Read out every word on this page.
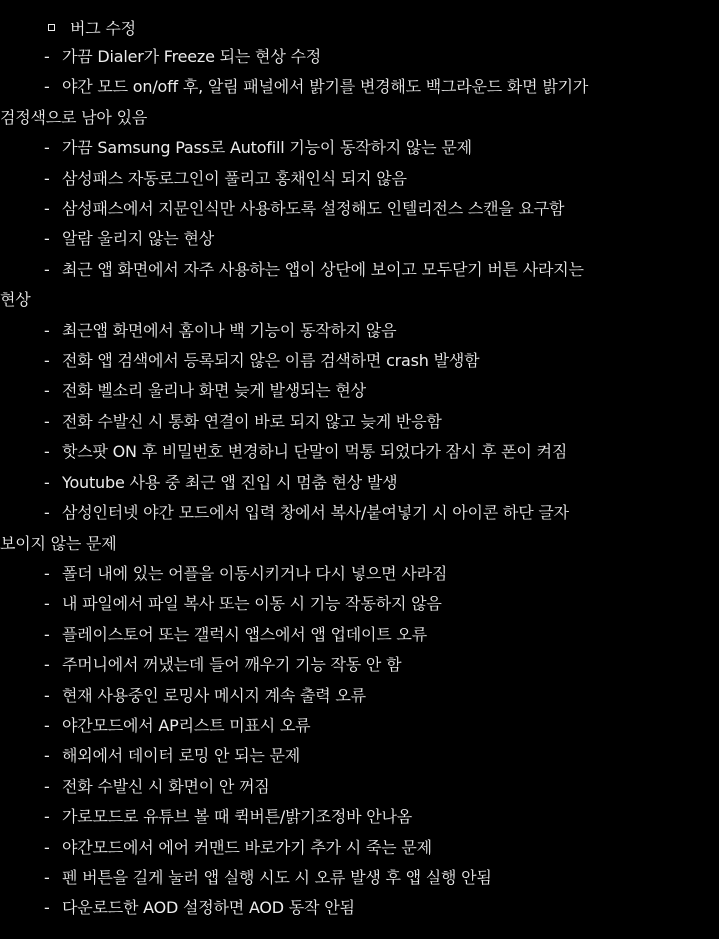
버그 수정
- 가끔 Dialer가 Freeze 되는 현상 수정
- 야간 모드 on/off 후, 알림 패널에서 밝기를 변경해도 백그라운드 화면 밝기가
검정색으로 남아 있음
- 가끔 Samsung Pass로 Autofill 기능이 동작하지 않는 문제
- 삼성패스 자동로그인이 풀리고 홍채인식 되지 않음
- 삼성패스에서 지문인식만 사용하도록 설정해도 인텔리전스 스캔을 요구함
- 알람 울리지 않는 현상
- 최근 앱 화면에서 자주 사용하는 앱이 상단에 보이고 모두닫기 버튼 사라지는
현상
- 최근앱 화면에서 홈이나 백 기능이 동작하지 않음
- 전화 앱 검색에서 등록되지 않은 이름 검색하면 crash 발생함
- 전화 벨소리 울리나 화면 늦게 발생되는 현상
- 전화 수발신 시 통화 연결이 바로 되지 않고 늦게 반응함
- 핫스팟 ON 후 비밀번호 변경하니 단말이 먹통 되었다가 잠시 후 폰이 켜짐
- Youtube 사용 중 최근 앱 진입 시 멈춤 현상 발생
- 삼성인터넷 야간 모드에서 입력 창에서 복사/붙여넣기 시 아이콘 하단 글자
보이지 않는 문제
- 폴더 내에 있는 어플을 이동시키거나 다시 넣으면 사라짐
- 내 파일에서 파일 복사 또는 이동 시 기능 작동하지 않음
- 플레이스토어 또는 갤럭시 앱스에서 앱 업데이트 오류
- 주머니에서 꺼냈는데 들어 깨우기 기능 작동 안 함
- 현재 사용중인 로밍사 메시지 계속 출력 오류
- 야간모드에서 AP리스트 미표시 오류
- 해외에서 데이터 로밍 안 되는 문제
- 전화 수발신 시 화면이 안 꺼짐
- 가로모드로 유튜브 볼 때 퀵버튼/밝기조정바 안나옴
- 야간모드에서 에어 커맨드 바로가기 추가 시 죽는 문제
- 펜 버튼을 길게 눌러 앱 실행 시도 시 오류 발생 후 앱 실행 안됨
- 다운로드한 AOD 설정하면 AOD 동작 안됨
